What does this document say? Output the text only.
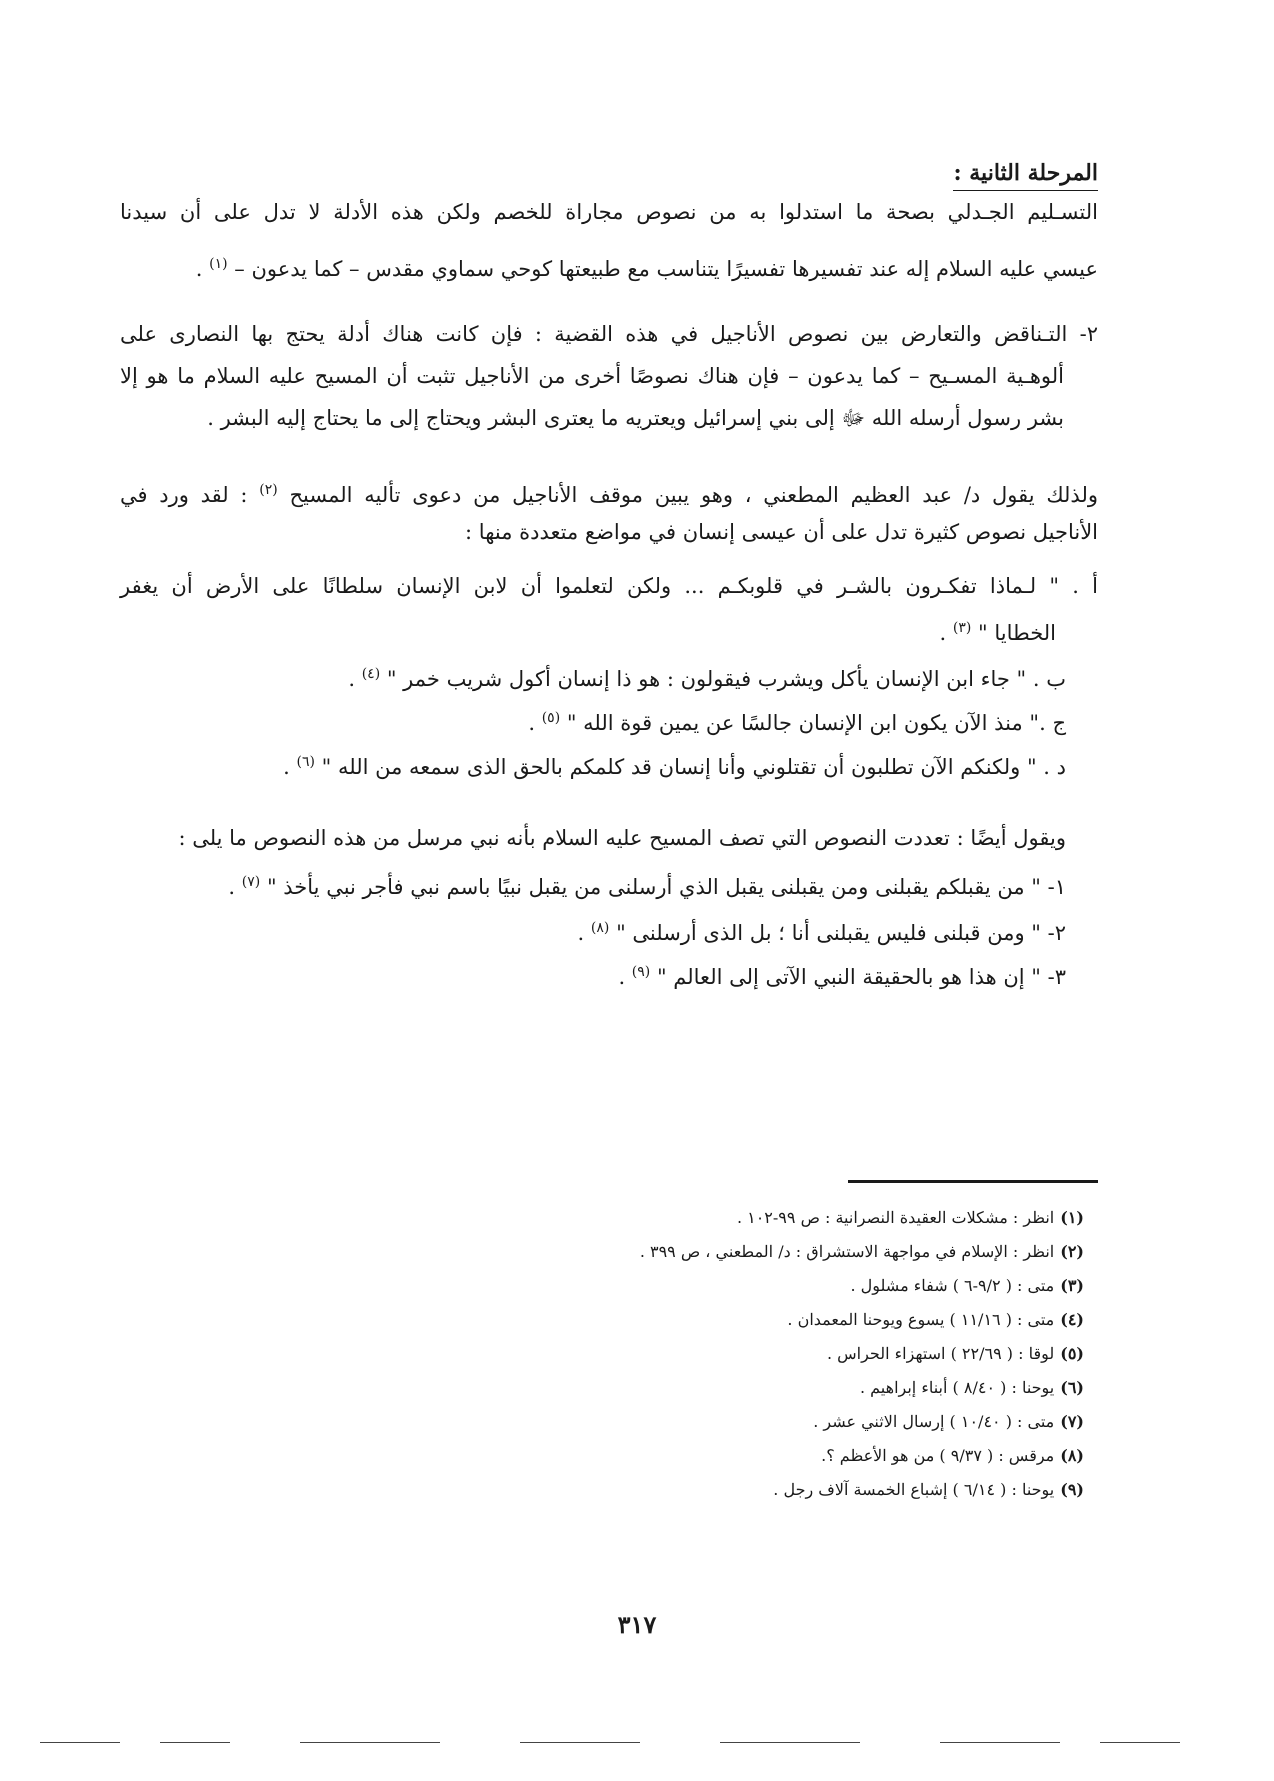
المرحلة الثانية :
التسـليم الجـدلي بصحة ما استدلوا به من نصوص مجاراة للخصم ولكن هذه الأدلة لا تدل على أن سيدنا
عيسي عليه السلام إله عند تفسيرها تفسيرًا يتناسب مع طبيعتها كوحي سماوي مقدس – كما يدعون – $^{(١)}$ .
٢- التـناقض والتعارض بين نصوص الأناجيل في هذه القضية : فإن كانت هناك أدلة يحتج بها النصارى على
ألوهـية المسـيح – كما يدعون – فإن هناك نصوصًا أخرى من الأناجيل تثبت أن المسيح عليه السلام ما هو إلا
بشر رسول أرسله الله ﷻ إلى بني إسرائيل ويعتريه ما يعترى البشر ويحتاج إلى ما يحتاج إليه البشر .
ولذلك يقول د/ عبد العظيم المطعني ، وهو يبين موقف الأناجيل من دعوى تأليه المسيح $^{(٢)}$ : لقد ورد في
الأناجيل نصوص كثيرة تدل على أن عيسى إنسان في مواضع متعددة منها :
أ . " لـماذا تفكـرون بالشـر في قلوبكـم ... ولكن لتعلموا أن لابن الإنسان سلطانًا على الأرض أن يغفر
الخطايا " $^{(٣)}$ .
ب . " جاء ابن الإنسان يأكل ويشرب فيقولون : هو ذا إنسان أكول شريب خمر " $^{(٤)}$ .
ج ." منذ الآن يكون ابن الإنسان جالسًا عن يمين قوة الله " $^{(٥)}$ .
د . " ولكنكم الآن تطلبون أن تقتلوني وأنا إنسان قد كلمكم بالحق الذى سمعه من الله " $^{(٦)}$ .
ويقول أيضًا : تعددت النصوص التي تصف المسيح عليه السلام بأنه نبي مرسل من هذه النصوص ما يلى :
١- " من يقبلكم يقبلنى ومن يقبلنى يقبل الذي أرسلنى من يقبل نبيًا باسم نبي فأجر نبي يأخذ " $^{(٧)}$ .
٢- " ومن قبلنى فليس يقبلنى أنا ؛ بل الذى أرسلنى " $^{(٨)}$ .
٣- " إن هذا هو بالحقيقة النبي الآتى إلى العالم " $^{(٩)}$ .
(١)انظر : مشكلات العقيدة النصرانية : ص ٩٩-١٠٢ .
(٢)انظر : الإسلام في مواجهة الاستشراق : د/ المطعني ، ص ٣٩٩ .
(٣)متى : ( ٩/٢-٦ ) شفاء مشلول .
(٤)متى : ( ١١/١٦ ) يسوع ويوحنا المعمدان .
(٥)لوقا : ( ٢٢/٦٩ ) استهزاء الحراس .
(٦)يوحنا : ( ٨/٤٠ ) أبناء إبراهيم .
(٧)متى : ( ١٠/٤٠ ) إرسال الاثني عشر .
(٨)مرقس : ( ٩/٣٧ ) من هو الأعظم ؟.
(٩)يوحنا : ( ٦/١٤ ) إشباع الخمسة آلاف رجل .
٣١٧
